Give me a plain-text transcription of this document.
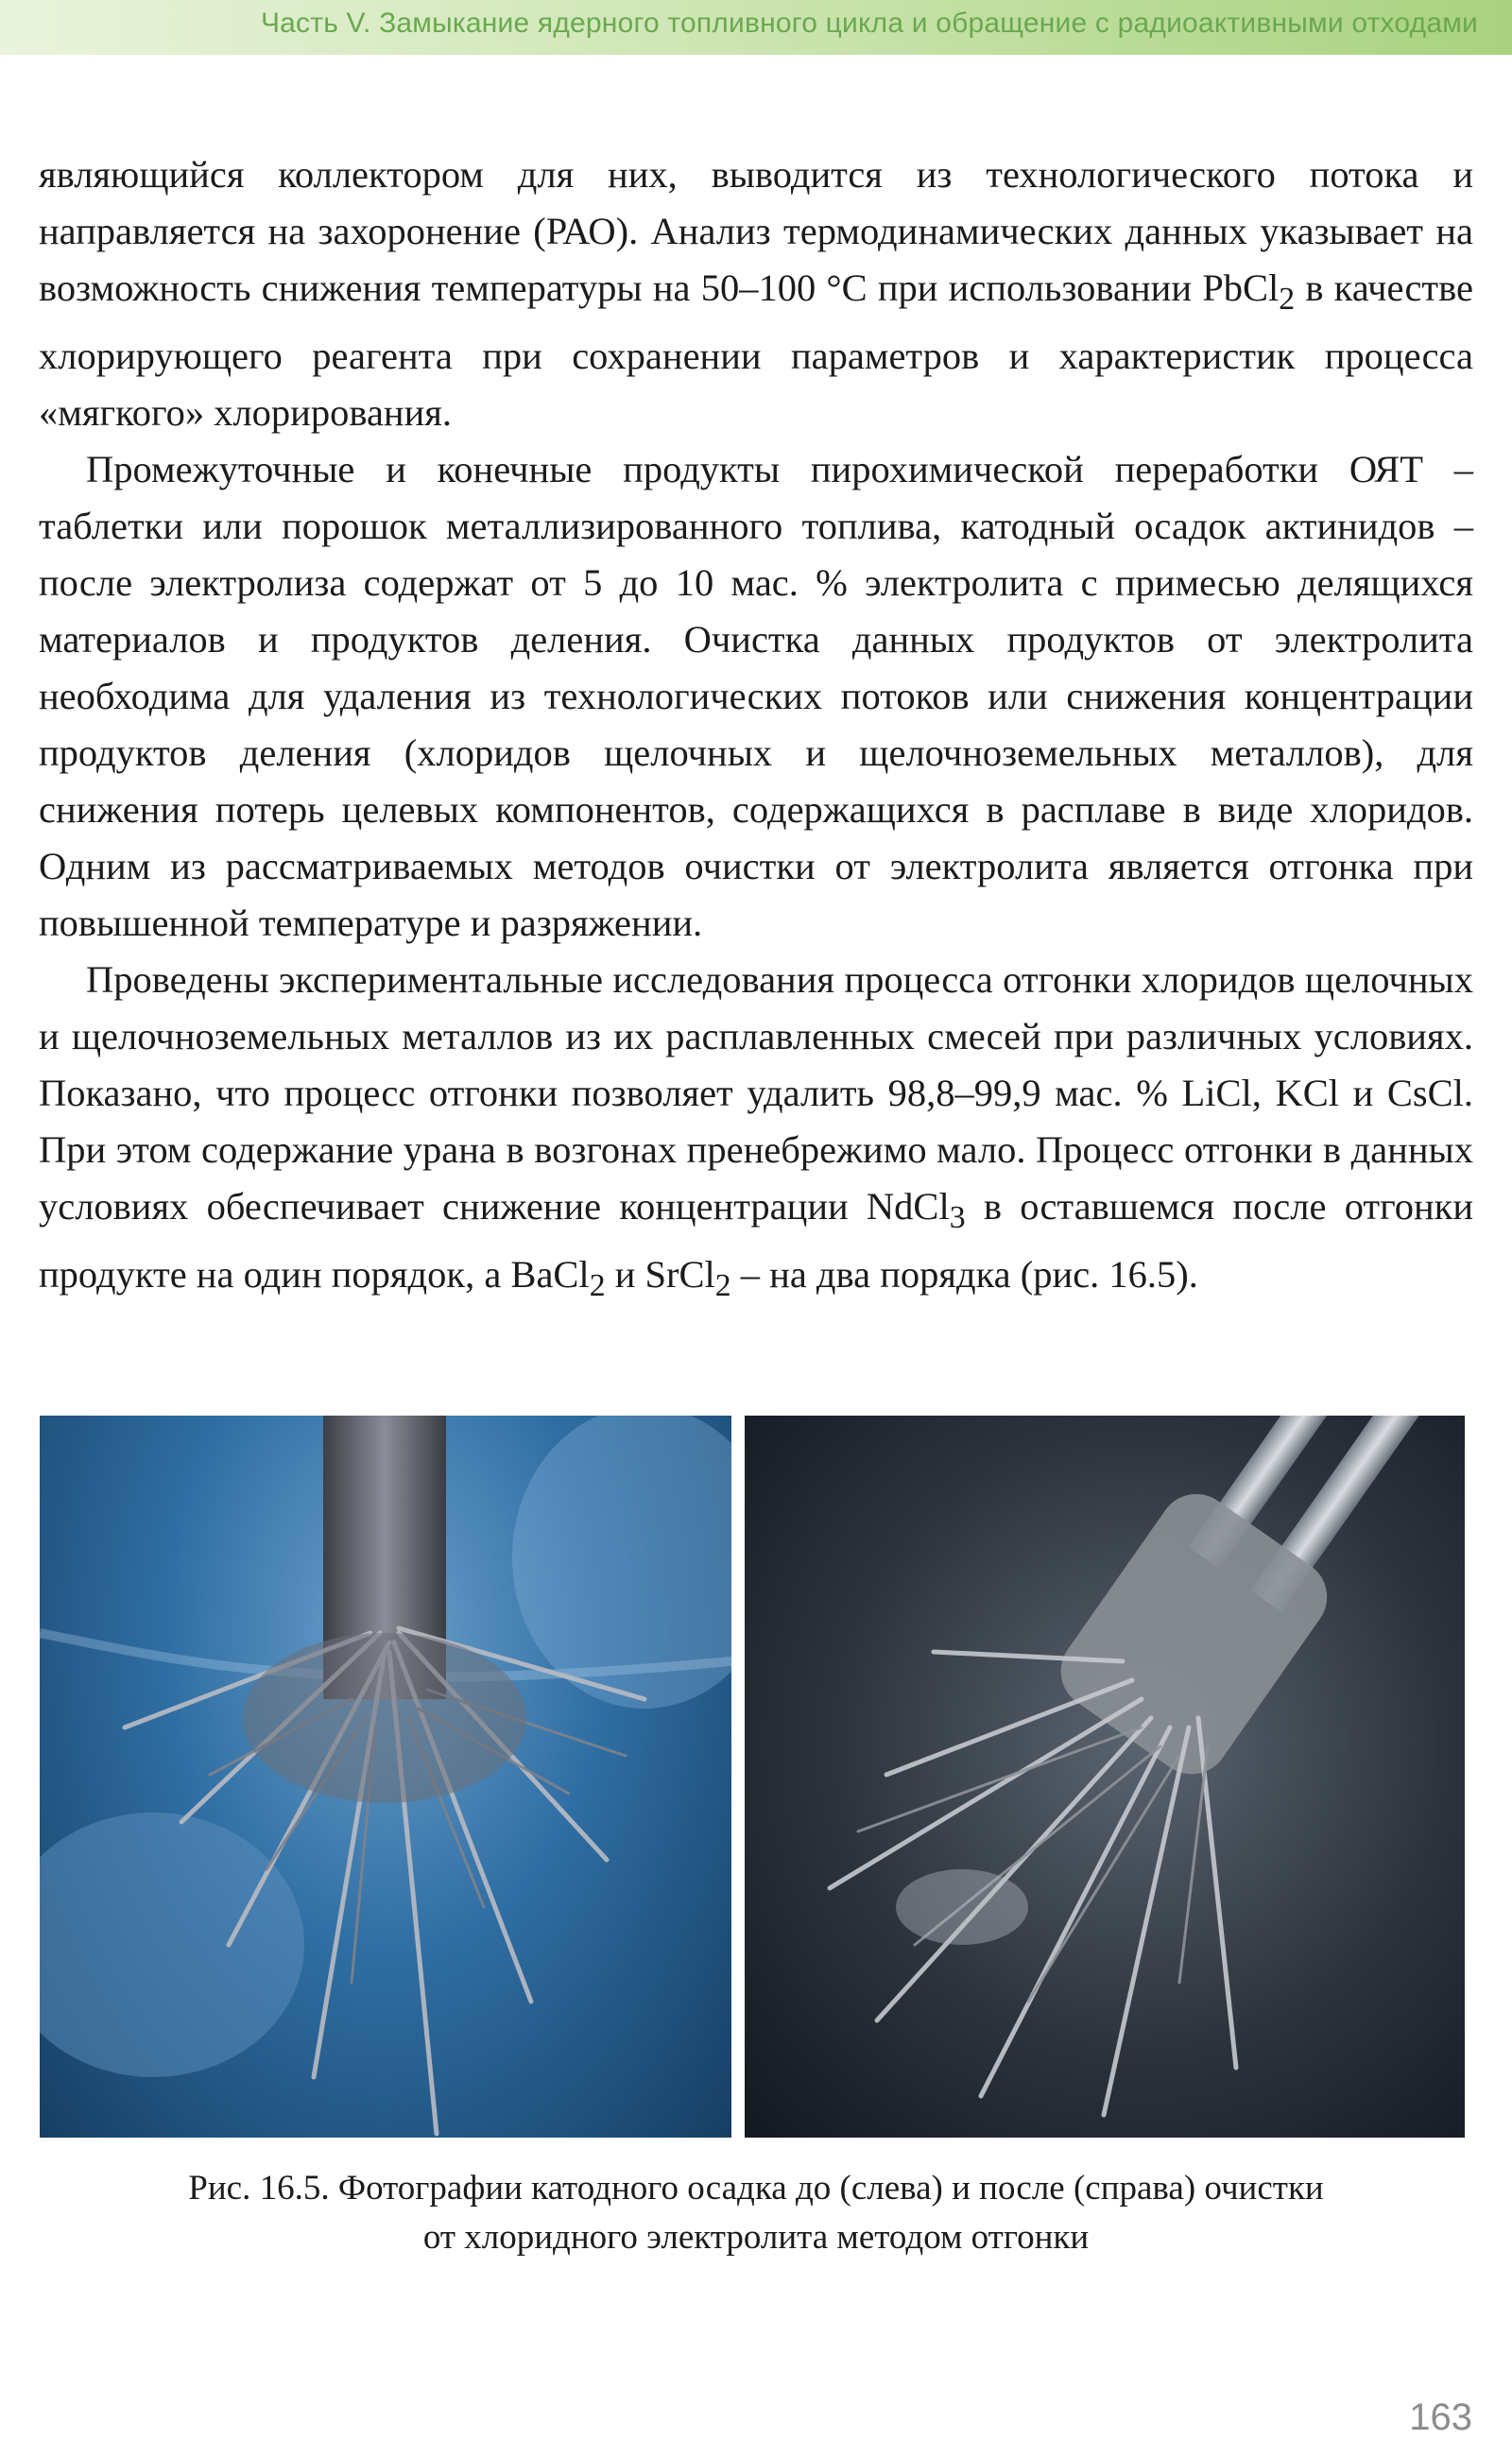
Часть V. Замыкание ядерного топливного цикла и обращение с радиоактивными отходами

являющийся коллектором для них, выводится из технологического потока и направляется на захоронение (РАО). Анализ термодинамических данных указывает на возможность снижения температуры на 50–100 °С при использовании PbCl$_2$ в качестве хлорирующего реагента при сохранении параметров и характеристик процесса «мягкого» хлорирования.

Промежуточные и конечные продукты пирохимической переработки ОЯТ – таблетки или порошок металлизированного топлива, катодный осадок актинидов – после электролиза содержат от 5 до 10 мас. % электролита с примесью делящихся материалов и продуктов деления. Очистка данных продуктов от электролита необходима для удаления из технологических потоков или снижения концентрации продуктов деления (хлоридов щелочных и щелочноземельных металлов), для снижения потерь целевых компонентов, содержащихся в расплаве в виде хлоридов. Одним из рассматриваемых методов очистки от электролита является отгонка при повышенной температуре и разряжении.

Проведены экспериментальные исследования процесса отгонки хлоридов щелочных и щелочноземельных металлов из их расплавленных смесей при различных условиях. Показано, что процесс отгонки позволяет удалить 98,8–99,9 мас. % LiCl, KCl и CsCl. При этом содержание урана в возгонах пренебрежимо мало. Процесс отгонки в данных условиях обеспечивает снижение концентрации NdCl$_3$ в оставшемся после отгонки продукте на один порядок, а BaCl$_2$ и SrCl$_2$ – на два порядка (рис. 16.5).

Рис. 16.5. Фотографии катодного осадка до (слева) и после (справа) очистки
от хлоридного электролита методом отгонки
163
